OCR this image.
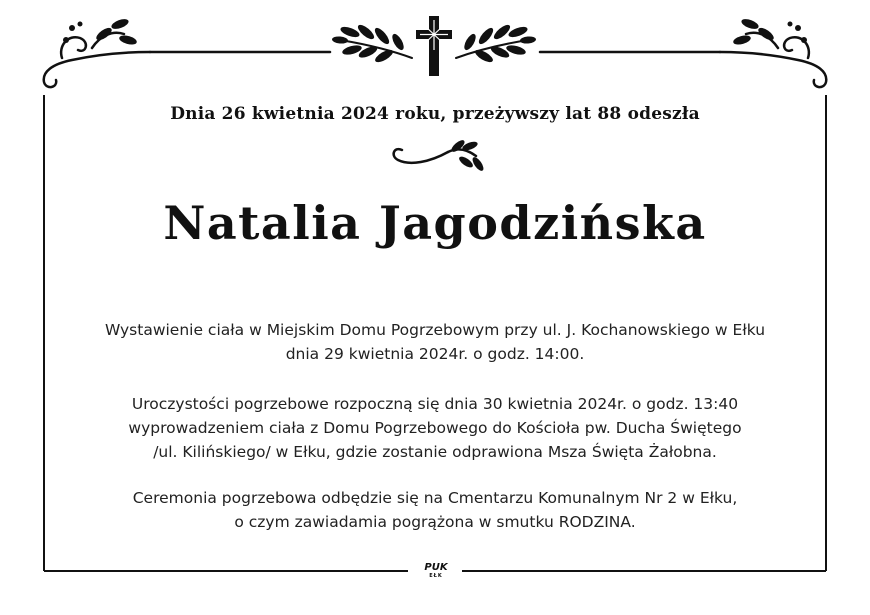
Dnia 26 kwietnia 2024 roku, przeżywszy lat 88 odeszła
Natalia Jagodzińska
Wystawienie ciała w Miejskim Domu Pogrzebowym przy ul. J. Kochanowskiego w Ełku
dnia 29 kwietnia 2024r. o godz. 14:00.
Uroczystości pogrzebowe rozpoczną się dnia 30 kwietnia 2024r. o godz. 13:40
wyprowadzeniem ciała z Domu Pogrzebowego do Kościoła pw. Ducha Świętego
/ul. Kilińskiego/ w Ełku, gdzie zostanie odprawiona Msza Święta Żałobna.
Ceremonia pogrzebowa odbędzie się na Cmentarzu Komunalnym Nr 2 w Ełku,
o czym zawiadamia pogrążona w smutku RODZINA.
PUK
EŁK
